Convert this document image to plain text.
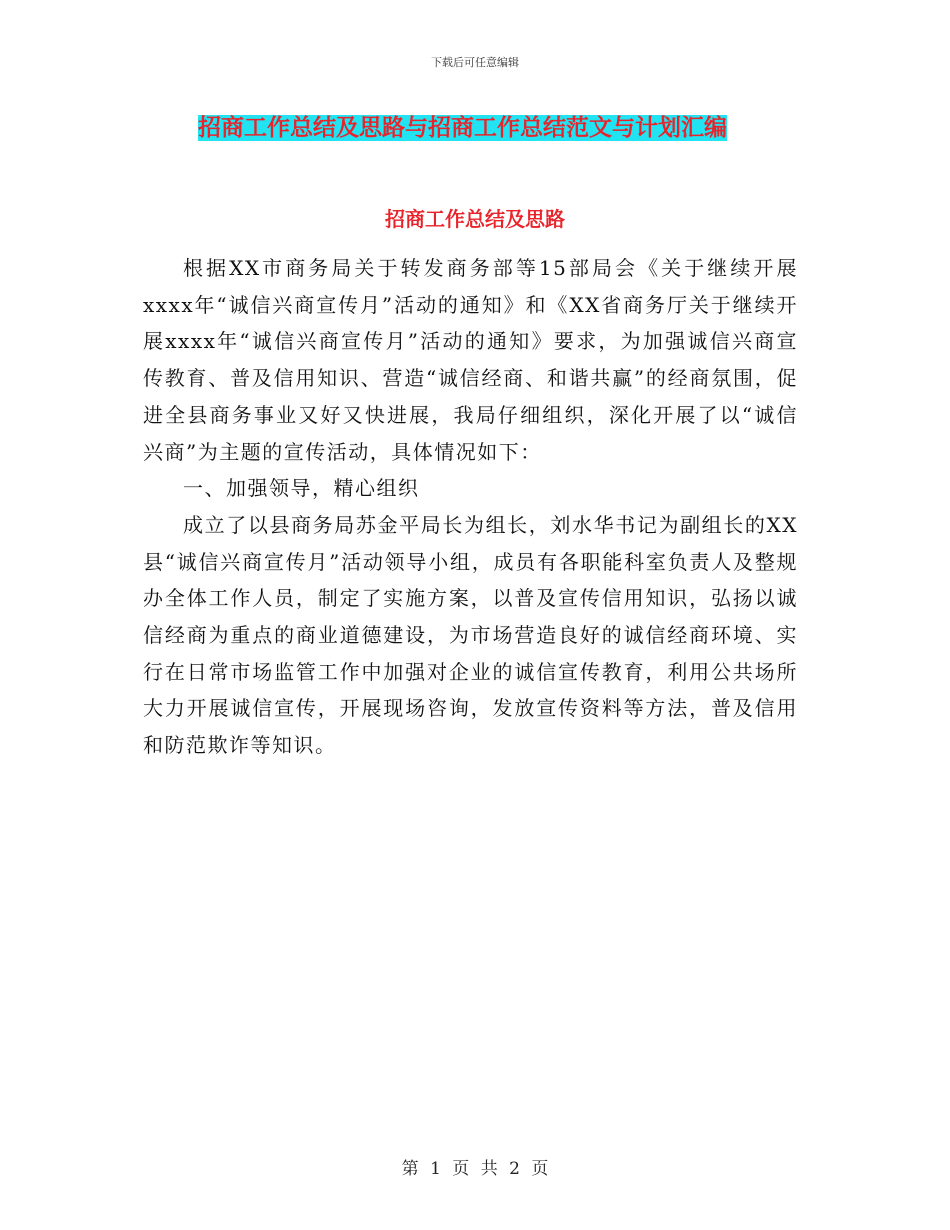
下载后可任意编辑
招商工作总结及思路与招商工作总结范文与计划汇编
招商工作总结及思路

根据XX市商务局关于转发商务部等15部局会《关于继续开展xxxx年“诚信兴商宣传月”活动的通知》和《XX省商务厅关于继续开展xxxx年“诚信兴商宣传月”活动的通知》要求，为加强诚信兴商宣传教育、普及信用知识、营造“诚信经商、和谐共赢”的经商氛围，促进全县商务事业又好又快进展，我局仔细组织，深化开展了以“诚信兴商”为主题的宣传活动，具体情况如下：

一、加强领导，精心组织

成立了以县商务局苏金平局长为组长，刘水华书记为副组长的XX县“诚信兴商宣传月”活动领导小组，成员有各职能科室负责人及整规办全体工作人员，制定了实施方案，以普及宣传信用知识，弘扬以诚信经商为重点的商业道德建设，为市场营造良好的诚信经商环境、实行在日常市场监管工作中加强对企业的诚信宣传教育，利用公共场所大力开展诚信宣传，开展现场咨询，发放宣传资料等方法，普及信用和防范欺诈等知识。

第 1 页 共 2 页
